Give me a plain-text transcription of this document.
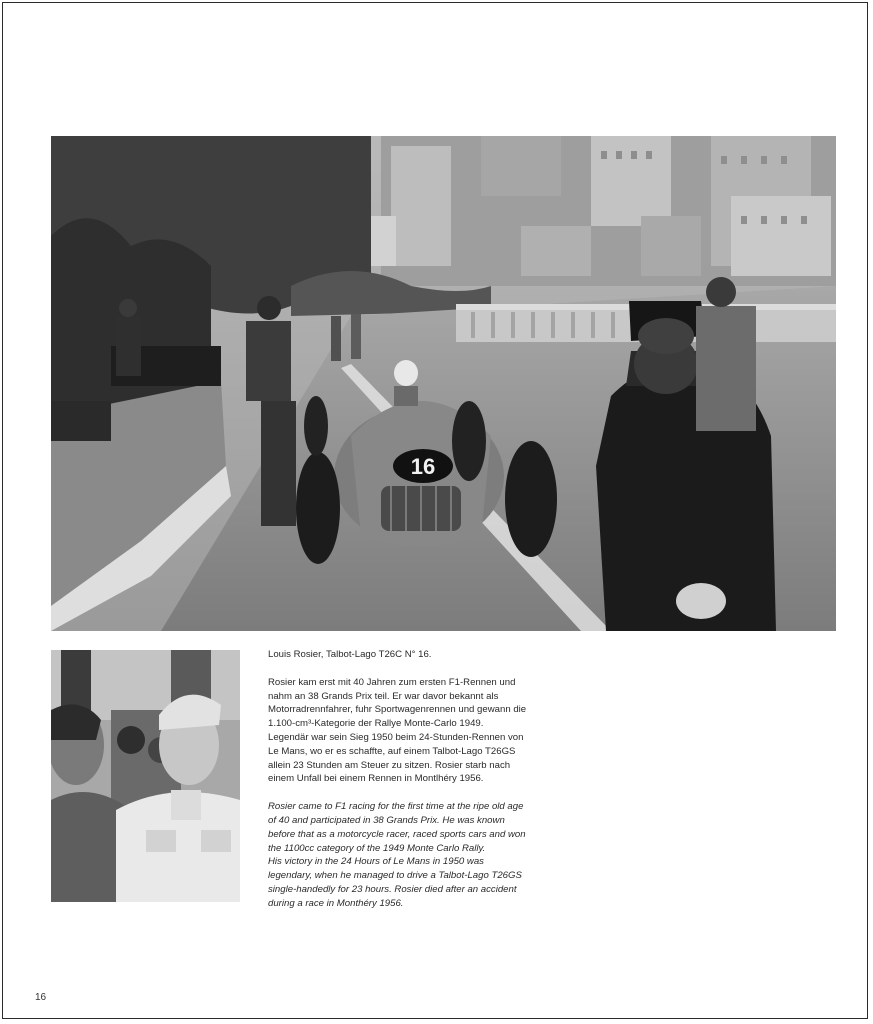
16

Louis Rosier, Talbot-Lago T26C N° 16.

Rosier kam erst mit 40 Jahren zum ersten F1-Rennen und nahm an 38 Grands Prix teil. Er war davor bekannt als Motorradrennfahrer, fuhr Sportwagenrennen und gewann die 1.100-cm³-Kategorie der Rallye Monte-Carlo 1949.

Legendär war sein Sieg 1950 beim 24-Stunden-Rennen von Le Mans, wo er es schaffte, auf einem Talbot-Lago T26GS allein 23 Stunden am Steuer zu sitzen. Rosier starb nach einem Unfall bei einem Rennen in Montlhéry 1956.

Rosier came to F1 racing for the first time at the ripe old age of 40 and participated in 38 Grands Prix. He was known before that as a motorcycle racer, raced sports cars and won the 1100cc category of the 1949 Monte Carlo Rally.

His victory in the 24 Hours of Le Mans in 1950 was legendary, when he managed to drive a Talbot-Lago T26GS single-handedly for 23 hours. Rosier died after an accident during a race in Monthéry 1956.

16
